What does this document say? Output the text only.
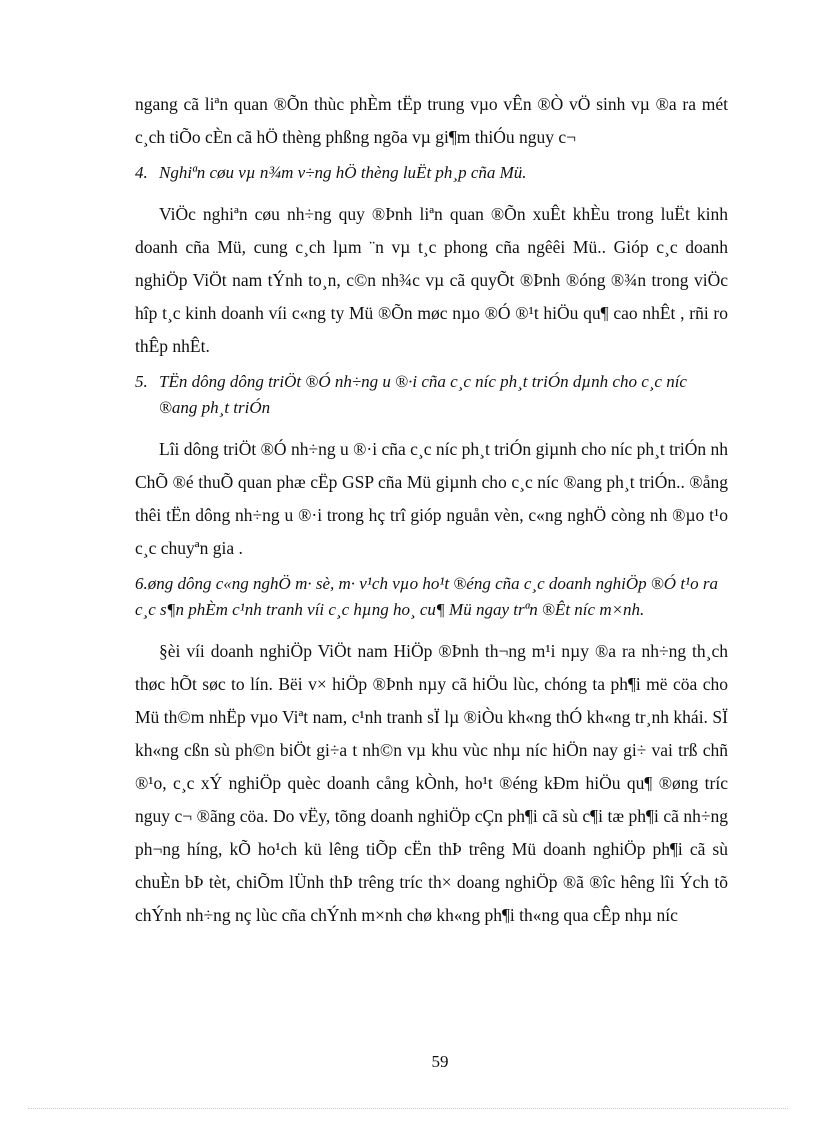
ngang cã liªn quan ®Õn thùc phÈm tËp trung vµo vÊn ®Ò vÖ sinh vµ ®a ra mét c¸ch tiÕo cÈn cã hÖ thèng phßng ngõa vµ gi¶m thiÓu nguy c¬

4. Nghiªn cøu vµ n¾m v÷ng hÖ thèng luËt ph¸p cña Mü.

ViÖc nghiªn cøu nh÷ng quy ®Þnh liªn quan ®Õn xuÊt khÈu trong luËt kinh doanh cña Mü, cung c¸ch lµm ¨n vµ t¸c phong cña ngêêi Mü.. Gióp c¸c doanh nghiÖp ViÖt nam tÝnh to¸n, c©n nh¾c vµ cã quyÕt ®Þnh ®óng ®¾n trong viÖc hîp t¸c kinh doanh víi c«ng ty Mü ®Õn møc nµo ®Ó ®¹t hiÖu qu¶ cao nhÊt , rñi ro thÊp nhÊt.

5. TËn dông dông triÖt ®Ó nh÷ng u ®·i cña c¸c níc ph¸t triÓn dµnh cho c¸c níc ®ang ph¸t triÓn

Lîi dông triÖt ®Ó nh÷ng u ®·i cña c¸c níc ph¸t triÓn giµnh cho níc ph¸t triÓn nh ChÕ ®é thuÕ quan phæ cËp GSP cña Mü giµnh cho c¸c níc ®ang ph¸t triÓn.. ®ång thêi tËn dông nh÷ng u ®·i trong hç trî gióp nguån vèn, c«ng nghÖ còng nh ®µo t¹o c¸c chuyªn gia .

6.øng dông c«ng nghÖ m· sè, m· v¹ch vµo ho¹t ®éng cña c¸c doanh nghiÖp ®Ó t¹o ra c¸c s¶n phÈm c¹nh tranh víi c¸c hµng ho¸ cu¶ Mü ngay trªn ®Êt níc m×nh.

§èi víi doanh nghiÖp ViÖt nam HiÖp ®Þnh th¬ng m¹i nµy ®a ra nh÷ng th¸ch thøc hÕt søc to lín. Bëi v× hiÖp ®Þnh nµy cã hiÖu lùc, chóng ta ph¶i më cöa cho Mü th©m nhËp vµo Viªt nam, c¹nh tranh sÏ lµ ®iÒu kh«ng thÓ kh«ng tr¸nh khái. SÏ kh«ng cßn sù ph©n biÖt gi÷a t nh©n vµ khu vùc nhµ níc hiÖn nay gi÷ vai trß chñ ®¹o, c¸c xÝ nghiÖp quèc doanh cång kÒnh, ho¹t ®éng kÐm hiÖu qu¶ ®øng tríc nguy c¬ ®ãng cöa. Do vËy, tõng doanh nghiÖp cÇn ph¶i cã sù c¶i tæ ph¶i cã nh÷ng ph¬ng híng, kÕ ho¹ch kü lêng tiÕp cËn thÞ trêng Mü doanh nghiÖp ph¶i cã sù chuÈn bÞ tèt, chiÕm lÜnh thÞ trêng tríc th× doang nghiÖp ®ã ®îc hêng lîi Ých tõ chÝnh nh÷ng nç lùc cña chÝnh m×nh chø kh«ng ph¶i th«ng qua cÊp nhµ níc

59
